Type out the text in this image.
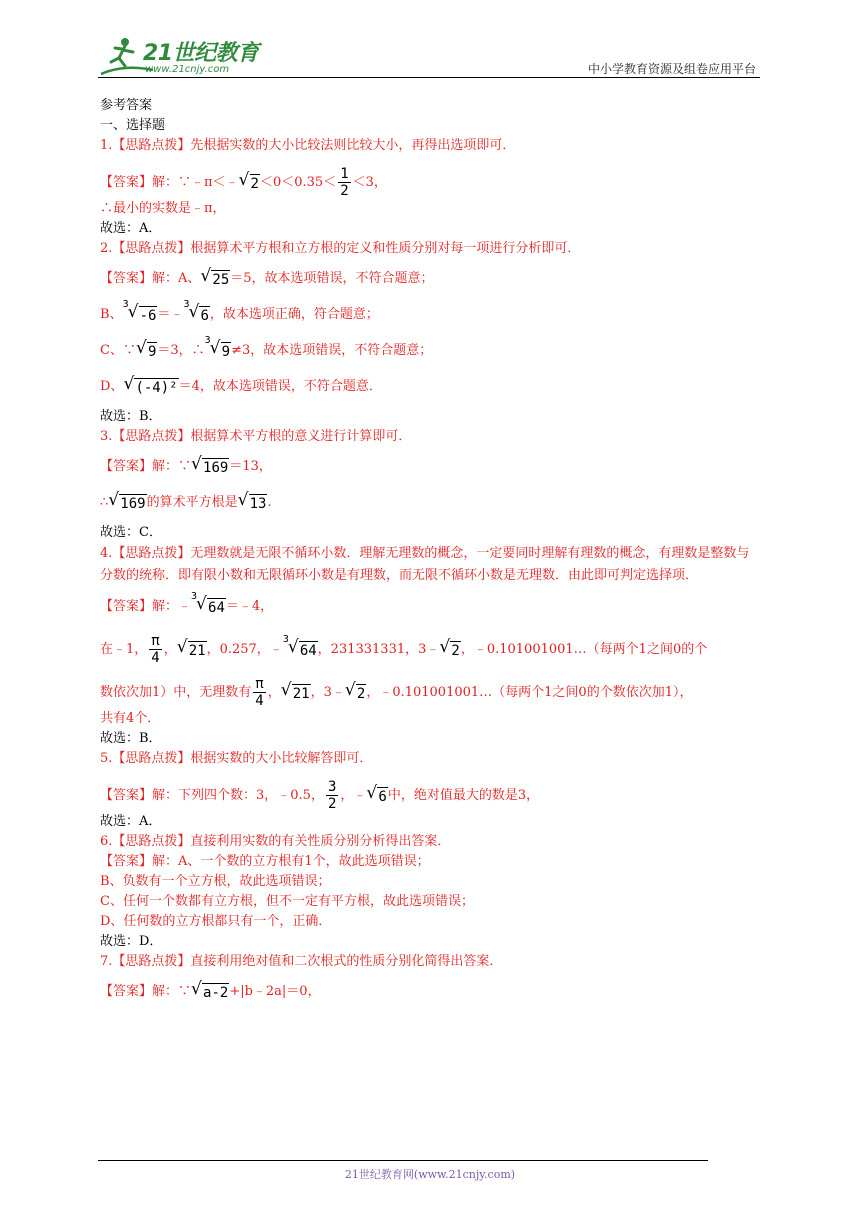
21世纪教育
www.21cnjy.com	中小学教育资源及组卷应用平台
参考答案
一、选择题
1.【思路点拨】先根据实数的大小比较法则比较大小，再得出选项即可．
【答案】解：∵﹣π＜﹣ √ $2<0<0.35< \frac{1}{2} <3$，
∴最小的实数是﹣π，
故选：A．
2.【思路点拨】根据算术平方根和立方根的定义和性质分别对每一项进行分析即可．
【答案】解：A、 √ 25＝5，故本选项错误，不符合题意；
B、
√ 3
-6＝﹣
√ 3
6，故本选项正确，符合题意；
C、∵ √ 9＝3，∴
√ 3
9≠3，故本选项错误，不符合题意；
D、 √ (-4)²＝4，故本选项错误，不符合题意．
故选：B．
3.【思路点拨】根据算术平方根的意义进行计算即可．
【答案】解：∵ √ 169＝13，
∴ √ 169的算术平方根是 √ 13.
故选：C．
4.【思路点拨】无理数就是无限不循环小数．理解无理数的概念，一定要同时理解有理数的概念，有理数是整数与分数的统称．即有限小数和无限循环小数是有理数，而无限不循环小数是无理数．由此即可判定选择项．
【答案】解：﹣
√ 3
64＝﹣4，
在﹣1， $\frac{\pi}{4}$ ， √ 21，0.257，﹣
√ 3
64，231331331，3﹣ √ 2，﹣0.101001001…（每两个1之间0的个
数依次加1）中，无理数有 $\frac{\pi}{4}$ ， √ 21，3﹣ √ 2，﹣0.101001001…（每两个1之间0的个数依次加1），
共有4个．
故选：B．
5.【思路点拨】根据实数的大小比较解答即可．
【答案】解：下列四个数：3，﹣0.5， $\frac{3}{2}$ ，﹣ √ 6中，绝对值最大的数是3，
故选：A．
6.【思路点拨】直接利用实数的有关性质分别分析得出答案．
【答案】解：A、一个数的立方根有1个，故此选项错误；
B、负数有一个立方根，故此选项错误；
C、任何一个数都有立方根，但不一定有平方根，故此选项错误；
D、任何数的立方根都只有一个，正确．
故选：D．
7.【思路点拨】直接利用绝对值和二次根式的性质分别化简得出答案．
【答案】解：∵ √ a-2+|b﹣2a|＝0，
21世纪教育网(www.21cnjy.com)
